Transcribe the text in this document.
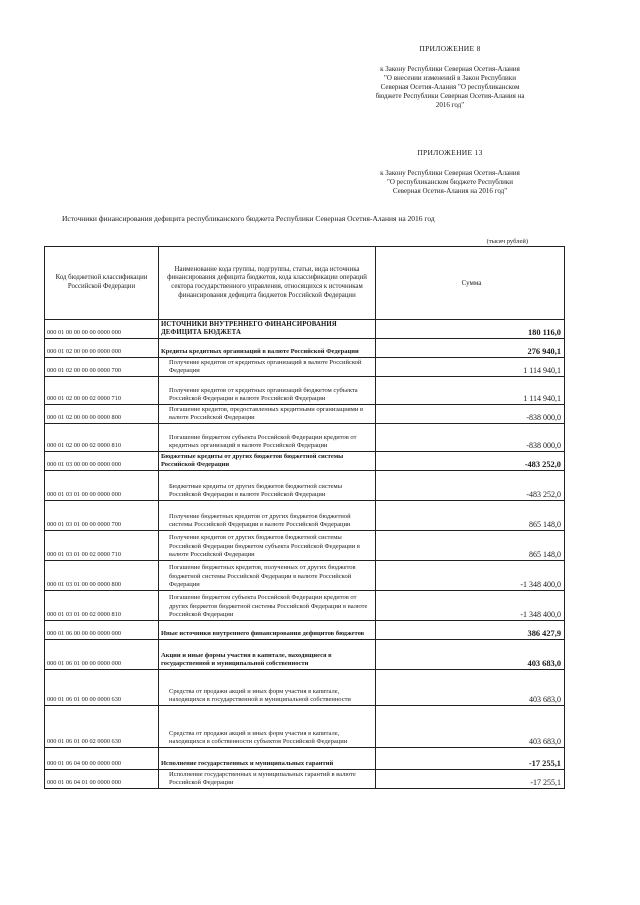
ПРИЛОЖЕНИЕ 8
к Закону Республики Северная Осетия-Алания
"О внесении изменений в Закон Республики
Северная Осетия-Алания "О республиканском
бюджете Республики Северная Осетия-Алания на
2016 год"
ПРИЛОЖЕНИЕ 13
к Закону Республики Северная Осетия-Алания
"О республиканском бюджете Республики
Северная Осетия-Алания на 2016 год"
Источники финансирования дефицита республиканского бюджета Республики Северная Осетия-Алания на 2016 год
(тысяч рублей)
Код бюджетной классификации Российской Федерации	Наименование кода группы, подгруппы, статьи, вида источника финансирования дефицита бюджетов, кода классификации операций сектора государственного управления, относящихся к источникам финансирования дефицита бюджетов Российской Федерации	Сумма
000 01 00 00 00 00 0000 000	ИСТОЧНИКИ ВНУТРЕННЕГО ФИНАНСИРОВАНИЯ ДЕФИЦИТА БЮДЖЕТА	180 116,0
000 01 02 00 00 00 0000 000	Кредиты кредитных организаций в валюте Российской Федерации	276 940,1
000 01 02 00 00 00 0000 700	Получение кредитов от кредитных организаций в валюте Российской Федерации	1 114 940,1
000 01 02 00 00 02 0000 710	Получение кредитов от кредитных организаций бюджетом субъекта Российской Федерации в валюте Российской Федерации	1 114 940,1
000 01 02 00 00 00 0000 800	Погашение кредитов, предоставленных кредитными организациями в валюте Российской Федерации	-838 000,0
000 01 02 00 00 02 0000 810	Погашение бюджетом субъекта Российской Федерации кредитов от кредитных организаций в валюте Российской Федерации	-838 000,0
000 01 03 00 00 00 0000 000	Бюджетные кредиты от других бюджетов бюджетной системы Российской Федерации	-483 252,0
000 01 03 01 00 00 0000 000	Бюджетные кредиты от других бюджетов бюджетной системы Российской Федерации в валюте Российской Федерации	-483 252,0
000 01 03 01 00 00 0000 700	Получение бюджетных кредитов от других бюджетов бюджетной системы Российской Федерации в валюте Российской Федерации	865 148,0
000 01 03 01 00 02 0000 710	Получение кредитов от других бюджетов бюджетной системы Российской Федерации бюджетом субъекта Российской Федерации в валюте Российской Федерации	865 148,0
000 01 03 01 00 00 0000 800	Погашение бюджетных кредитов, полученных от других бюджетов бюджетной системы Российской Федерации в валюте Российской Федерации	-1 348 400,0
000 01 03 01 00 02 0000 810	Погашение бюджетом субъекта Российской Федерации кредитов от других бюджетов бюджетной системы Российской Федерации в валюте Российской Федерации	-1 348 400,0
000 01 06 00 00 00 0000 000	Иные источники внутреннего финансирования дефицитов бюджетов	386 427,9
000 01 06 01 00 00 0000 000	Акции и иные формы участия в капитале, находящиеся в государственной и муниципальной собственности	403 683,0
000 01 06 01 00 00 0000 630	Средства от продажи акций и иных форм участия в капитале, находящихся в государственной и муниципальной собственности	403 683,0
000 01 06 01 00 02 0000 630	Средства от продажи акций и иных форм участия в капитале, находящихся в собственности субъектов Российской Федерации	403 683,0
000 01 06 04 00 00 0000 000	Исполнение государственных и муниципальных гарантий	-17 255,1
000 01 06 04 01 00 0000 000	Исполнение государственных и муниципальных гарантий в валюте Российской Федерации	-17 255,1
